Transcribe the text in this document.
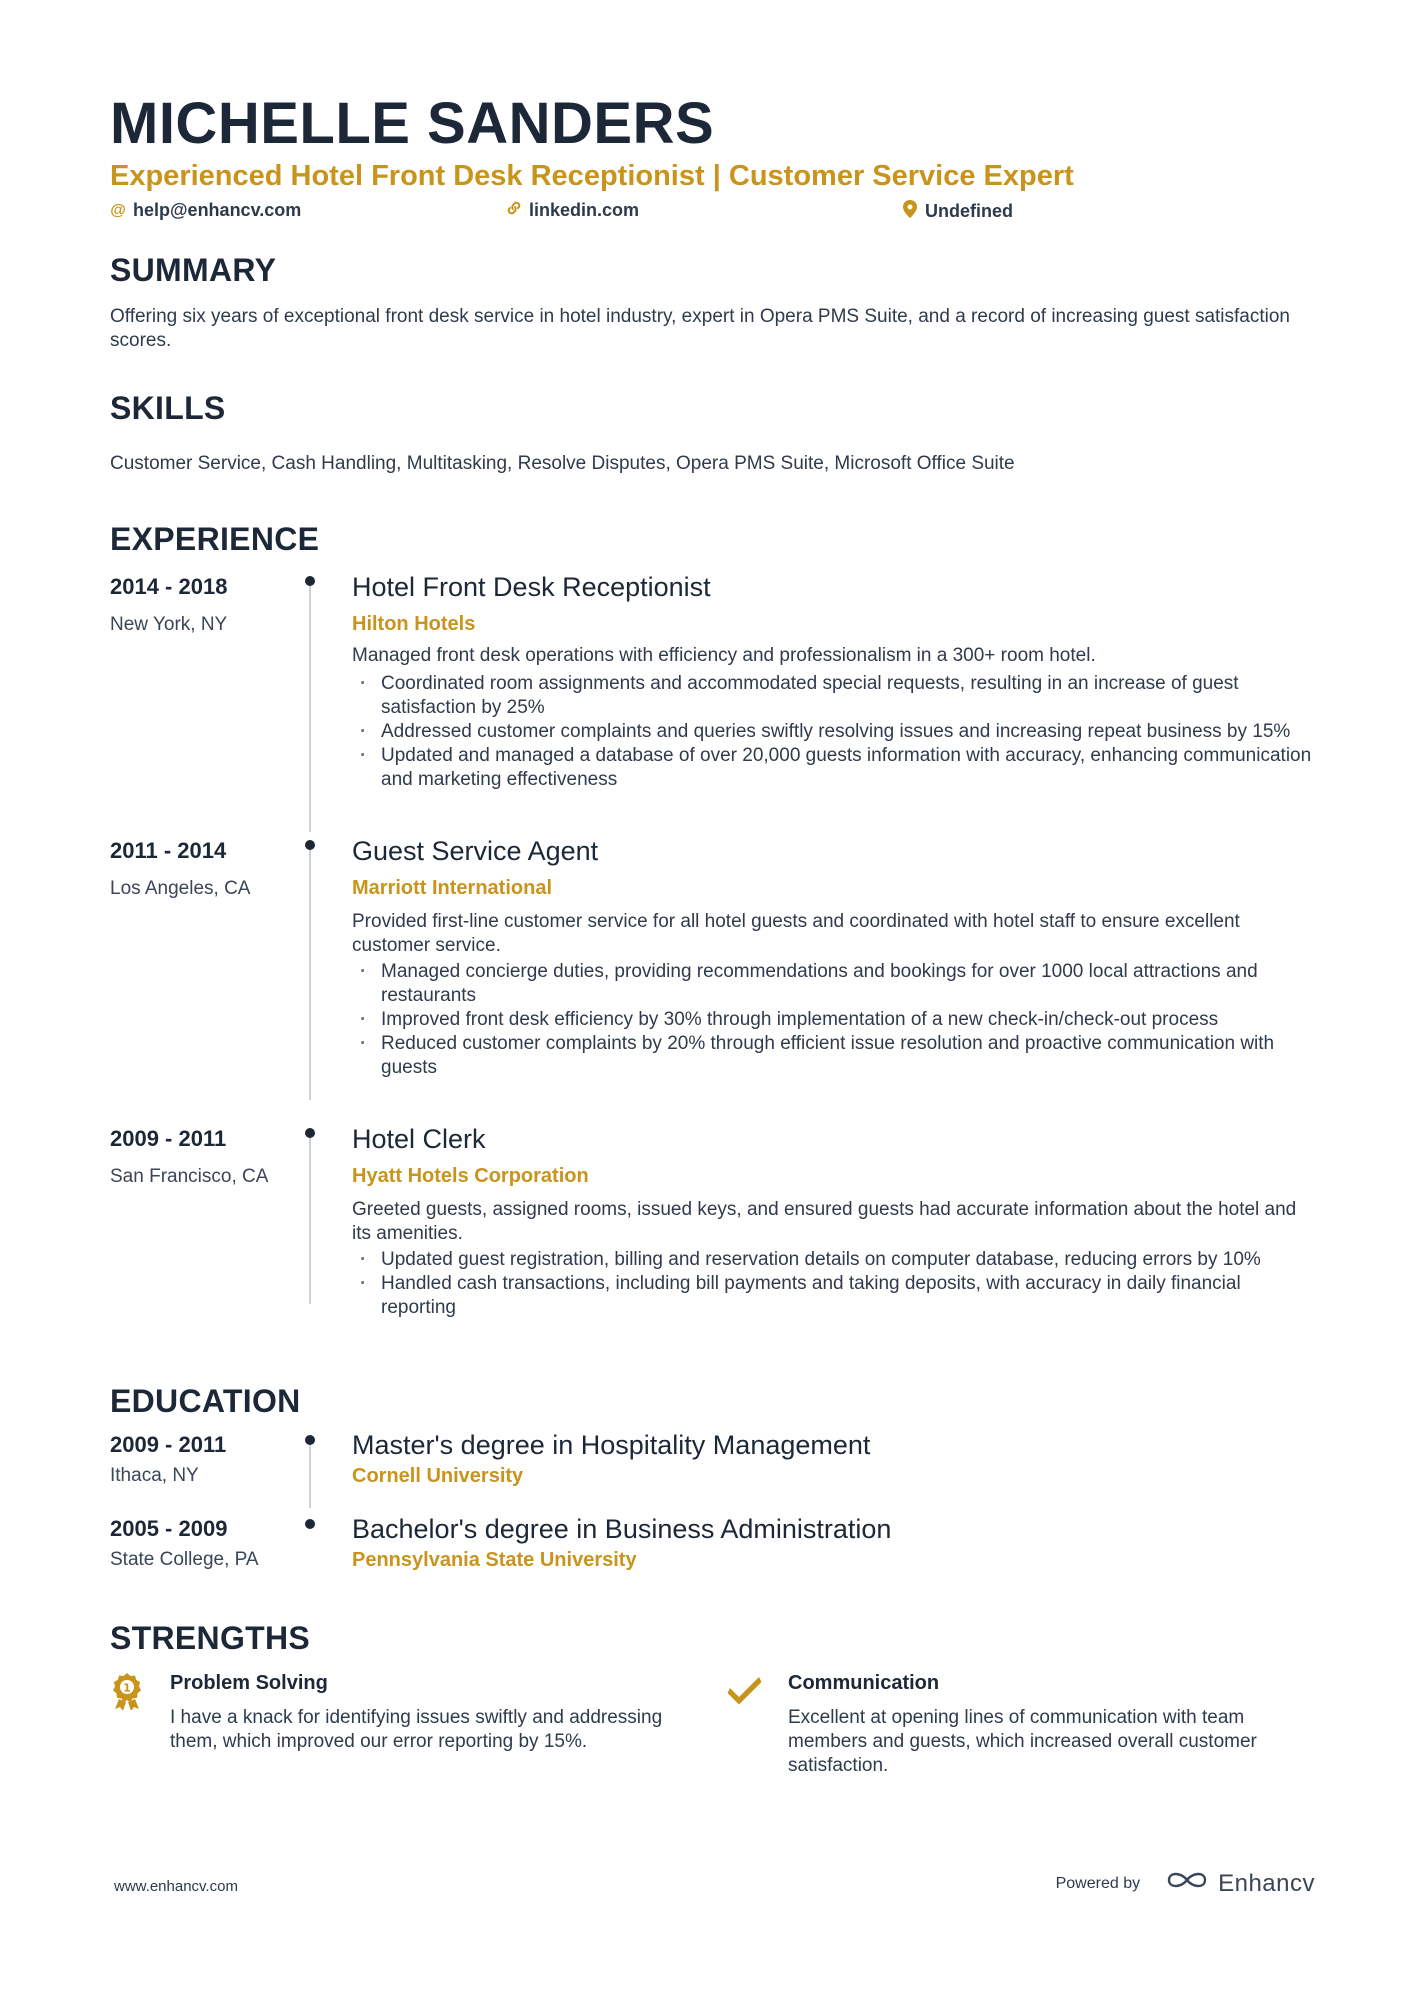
MICHELLE SANDERS
Experienced Hotel Front Desk Receptionist | Customer Service Expert
@ help@enhancv.com	linkedin.com	Undefined
SUMMARY

Offering six years of exceptional front desk service in hotel industry, expert in Opera PMS Suite, and a record of increasing guest satisfaction scores.

SKILLS

Customer Service, Cash Handling, Multitasking, Resolve Disputes, Opera PMS Suite, Microsoft Office Suite

EXPERIENCE
2014 - 2018
New York, NY
Hotel Front Desk Receptionist
Hilton Hotels

Managed front desk operations with efficiency and professionalism in a 300+ room hotel.

· Coordinated room assignments and accommodated special requests, resulting in an increase of guest satisfaction by 25%
· Addressed customer complaints and queries swiftly resolving issues and increasing repeat business by 15%
· Updated and managed a database of over 20,000 guests information with accuracy, enhancing communication and marketing effectiveness
2011 - 2014
Los Angeles, CA
Guest Service Agent
Marriott International

Provided first-line customer service for all hotel guests and coordinated with hotel staff to ensure excellent customer service.

· Managed concierge duties, providing recommendations and bookings for over 1000 local attractions and restaurants
· Improved front desk efficiency by 30% through implementation of a new check-in/check-out process
· Reduced customer complaints by 20% through efficient issue resolution and proactive communication with guests
2009 - 2011
San Francisco, CA
Hotel Clerk
Hyatt Hotels Corporation

Greeted guests, assigned rooms, issued keys, and ensured guests had accurate information about the hotel and its amenities.

· Updated guest registration, billing and reservation details on computer database, reducing errors by 10%
· Handled cash transactions, including bill payments and taking deposits, with accuracy in daily financial reporting
EDUCATION
2009 - 2011
Ithaca, NY
Master's degree in Hospitality Management
Cornell University
2005 - 2009
State College, PA
Bachelor's degree in Business Administration
Pennsylvania State University
STRENGTHS
1 Problem Solving

I have a knack for identifying issues swiftly and addressing them, which improved our error reporting by 15%.

Communication

Excellent at opening lines of communication with team members and guests, which increased overall customer satisfaction.

www.enhancv.com	Powered by	Enhancv
